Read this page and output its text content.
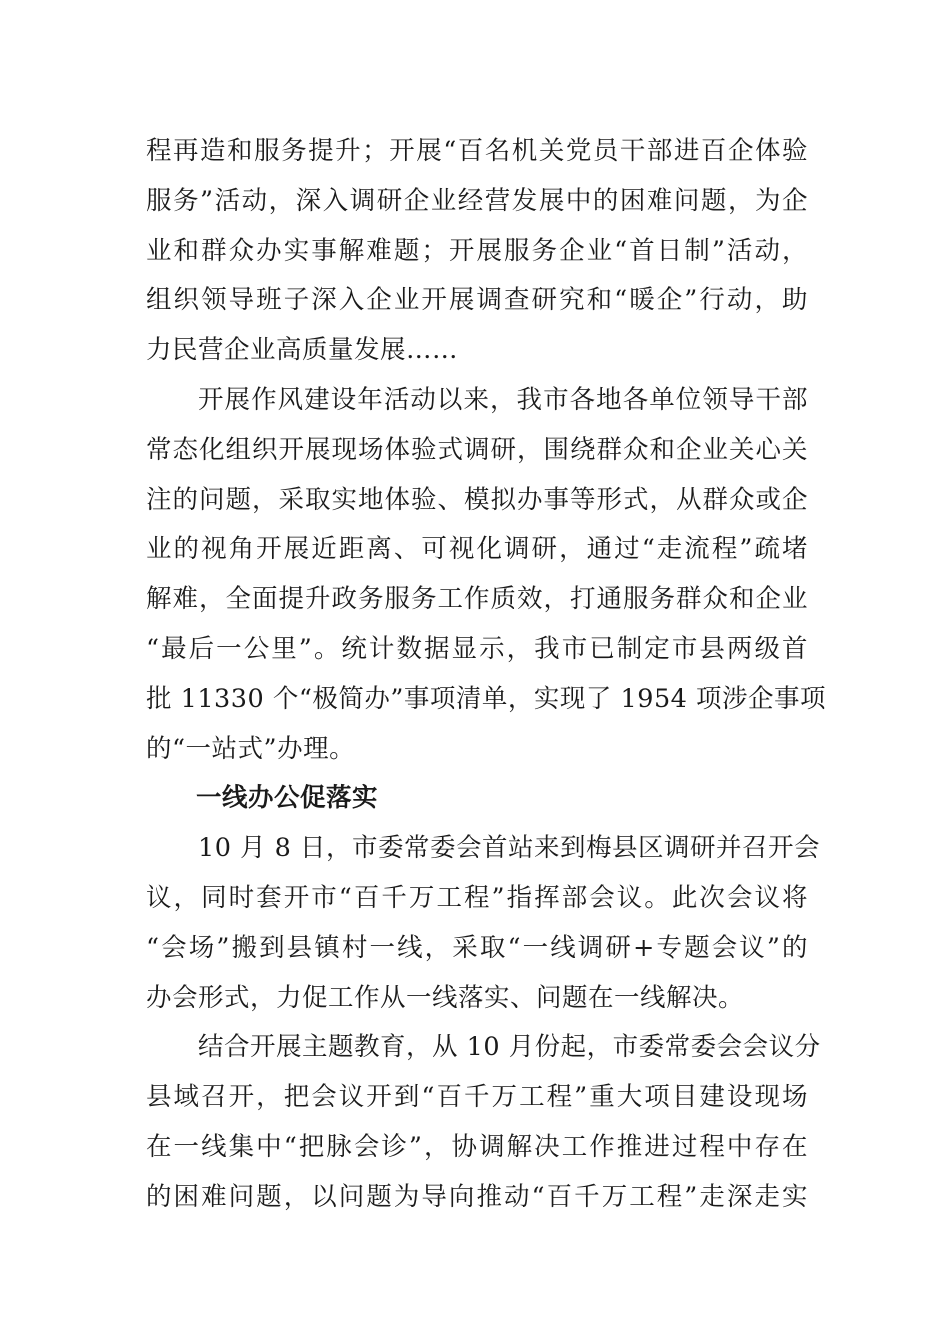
程再造和服务提升；开展“百名机关党员干部进百企体验
服务”活动，深入调研企业经营发展中的困难问题，为企
业和群众办实事解难题；开展服务企业“首日制”活动，
组织领导班子深入企业开展调查研究和“暖企”行动，助
力民营企业高质量发展……
开展作风建设年活动以来，我市各地各单位领导干部
常态化组织开展现场体验式调研，围绕群众和企业关心关
注的问题，采取实地体验、模拟办事等形式，从群众或企
业的视角开展近距离、可视化调研，通过“走流程”疏堵
解难，全面提升政务服务工作质效，打通服务群众和企业
“最后一公里”。统计数据显示，我市已制定市县两级首
批 11330 个“极简办”事项清单，实现了 1954 项涉企事项
的“一站式”办理。
一线办公促落实
10 月 8 日，市委常委会首站来到梅县区调研并召开会
议，同时套开市“百千万工程”指挥部会议。此次会议将
“会场”搬到县镇村一线，采取“一线调研+专题会议”的
办会形式，力促工作从一线落实、问题在一线解决。
结合开展主题教育，从 10 月份起，市委常委会会议分
县域召开，把会议开到“百千万工程”重大项目建设现场
在一线集中“把脉会诊”，协调解决工作推进过程中存在
的困难问题，以问题为导向推动“百千万工程”走深走实
